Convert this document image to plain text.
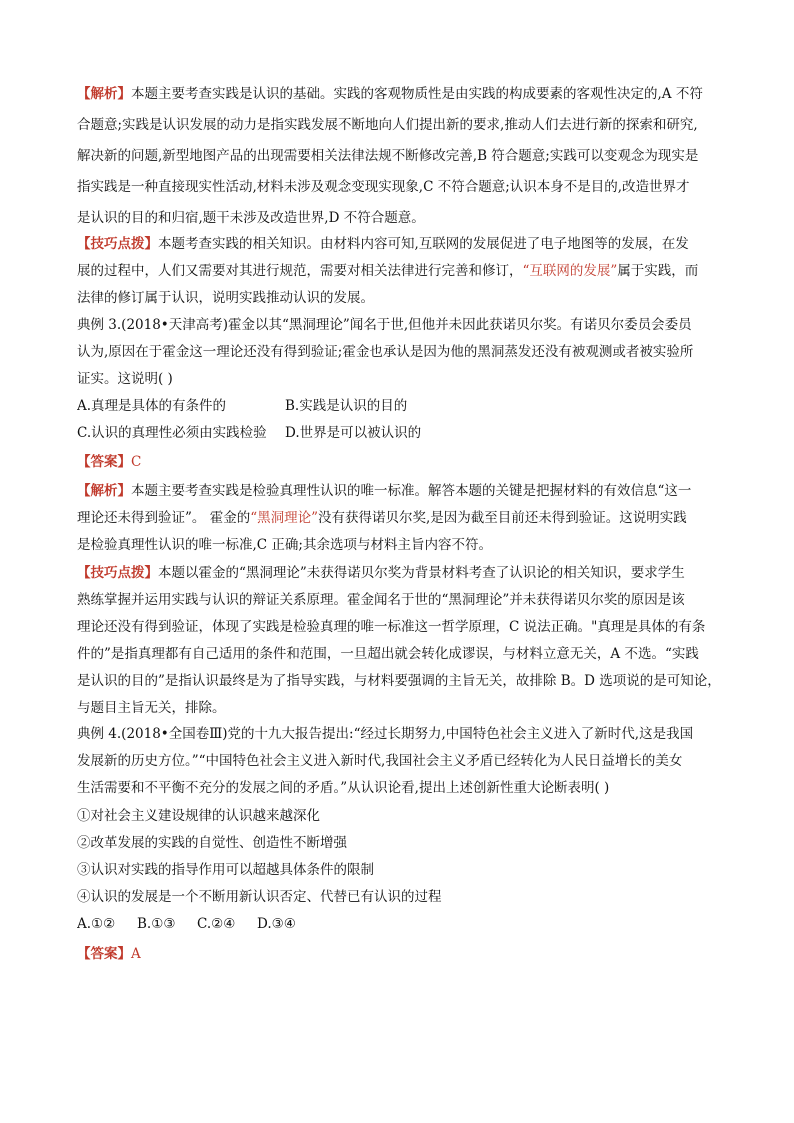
【解析】本题主要考查实践是认识的基础。实践的客观物质性是由实践的构成要素的客观性决定的,A 不符
合题意;实践是认识发展的动力是指实践发展不断地向人们提出新的要求,推动人们去进行新的探索和研究,
解决新的问题,新型地图产品的出现需要相关法律法规不断修改完善,B 符合题意;实践可以变观念为现实是
指实践是一种直接现实性活动,材料未涉及观念变现实现象,C 不符合题意;认识本身不是目的,改造世界才
是认识的目的和归宿,题干未涉及改造世界,D 不符合题意。
【技巧点拨】本题考查实践的相关知识。由材料内容可知,互联网的发展促进了电子地图等的发展，在发
展的过程中，人们又需要对其进行规范，需要对相关法律进行完善和修订，“互联网的发展”属于实践，而
法律的修订属于认识，说明实践推动认识的发展。
典例 3.(2018•天津高考)霍金以其“黑洞理论”闻名于世,但他并未因此获诺贝尔奖。有诺贝尔委员会委员
认为,原因在于霍金这一理论还没有得到验证;霍金也承认是因为他的黑洞蒸发还没有被观测或者被实验所
证实。这说明( )
A.真理是具体的有条件的	B.实践是认识的目的
C.认识的真理性必须由实践检验 D.世界是可以被认识的
【答案】C
【解析】本题主要考查实践是检验真理性认识的唯一标准。解答本题的关键是把握材料的有效信息“这一
理论还未得到验证”。 霍金的“黑洞理论”没有获得诺贝尔奖,是因为截至目前还未得到验证。这说明实践
是检验真理性认识的唯一标准,C 正确;其余选项与材料主旨内容不符。
【技巧点拨】本题以霍金的“黑洞理论”未获得诺贝尔奖为背景材料考查了认识论的相关知识，要求学生
熟练掌握并运用实践与认识的辩证关系原理。霍金闻名于世的“黑洞理论”并未获得诺贝尔奖的原因是该
理论还没有得到验证，体现了实践是检验真理的唯一标准这一哲学原理，C 说法正确。"真理是具体的有条
件的”是指真理都有自己适用的条件和范围，一旦超出就会转化成谬误，与材料立意无关，A 不选。“实践
是认识的目的”是指认识最终是为了指导实践，与材料要强调的主旨无关，故排除 B。D 选项说的是可知论，
与题目主旨无关，排除。
典例 4.(2018•全国卷Ⅲ)党的十九大报告提出:“经过长期努力,中国特色社会主义进入了新时代,这是我国
发展新的历史方位。”“中国特色社会主义进入新时代,我国社会主义矛盾已经转化为人民日益增长的美女
生活需要和不平衡不充分的发展之间的矛盾。”从认识论看,提出上述创新性重大论断表明( )
①对社会主义建设规律的认识越来越深化
②改革发展的实践的自觉性、创造性不断增强
③认识对实践的指导作用可以超越具体条件的限制
④认识的发展是一个不断用新认识否定、代替已有认识的过程
A.①② B.①③ C.②④ D.③④
【答案】A
